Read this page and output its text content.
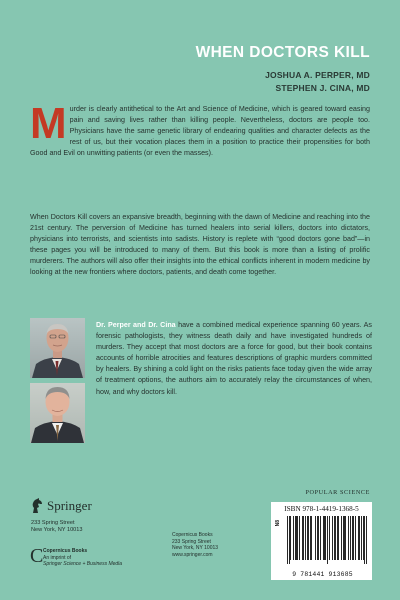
WHEN DOCTORS KILL
JOSHUA A. PERPER, MD
STEPHEN J. CINA, MD

Murder is clearly antithetical to the Art and Science of Medicine, which is geared toward easing pain and saving lives rather than killing people. Nevertheless, doctors are people too. Physicians have the same genetic library of endearing qualities and character defects as the rest of us, but their vocation places them in a position to practice their propensities for both Good and Evil on unwitting patients (or even the masses).

When Doctors Kill covers an expansive breadth, beginning with the dawn of Medicine and reaching into the 21st century. The perversion of Medicine has turned healers into serial killers, doctors into dictators, physicians into terrorists, and scientists into sadists. History is replete with “good doctors gone bad”—in these pages you will be introduced to many of them. But this book is more than a listing of prolific murderers. The authors will also offer their insights into the ethical conflicts inherent in modern medicine by looking at the new frontiers where doctors, patients, and death come together.

Dr. Perper and Dr. Cina have a combined medical experience spanning 60 years. As forensic pathologists, they witness death daily and have investigated hundreds of murders. They accept that most doctors are a force for good, but their book contains accounts of horrible atrocities and features descriptions of graphic murders committed by healers. By shining a cold light on the risks patients face today given the wide array of treatment options, the authors aim to accurately relay the circumstances of when, how, and why doctors kill.

Springer
233 Spring Street
New York, NY 10013
C Copernicus Books
An imprint of
Springer Science + Business Media
Copernicus Books
233 Spring Street
New York, NY 10013
www.springer.com
POPULAR SCIENCE
ISBN 978-1-4419-1368-5
N8
9 781441 913685
